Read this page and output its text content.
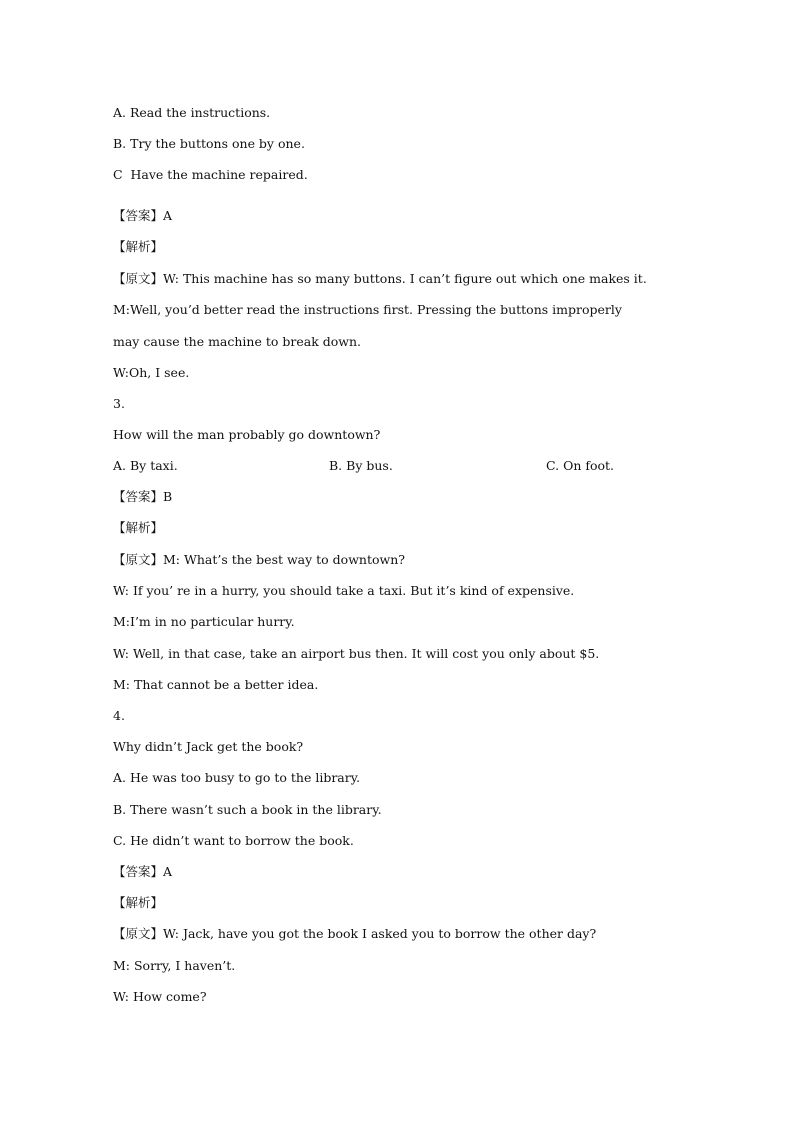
A. Read the instructions.
B. Try the buttons one by one.
C  Have the machine repaired.
【答案】A
【解析】
【原文】W: This machine has so many buttons. I can’t figure out which one makes it.
M:Well, you’d better read the instructions first. Pressing the buttons improperly
may cause the machine to break down.
W:Oh, I see.
3.
How will the man probably go downtown?
A. By taxi.	B. By bus.	C. On foot.
【答案】B
【解析】
【原文】M: What’s the best way to downtown?
W: If you’ re in a hurry, you should take a taxi. But it’s kind of expensive.
M:I’m in no particular hurry.
W: Well, in that case, take an airport bus then. It will cost you only about $5.
M: That cannot be a better idea.
4.
Why didn’t Jack get the book?
A. He was too busy to go to the library.
B. There wasn’t such a book in the library.
C. He didn’t want to borrow the book.
【答案】A
【解析】
【原文】W: Jack, have you got the book I asked you to borrow the other day?
M: Sorry, I haven’t.
W: How come?
